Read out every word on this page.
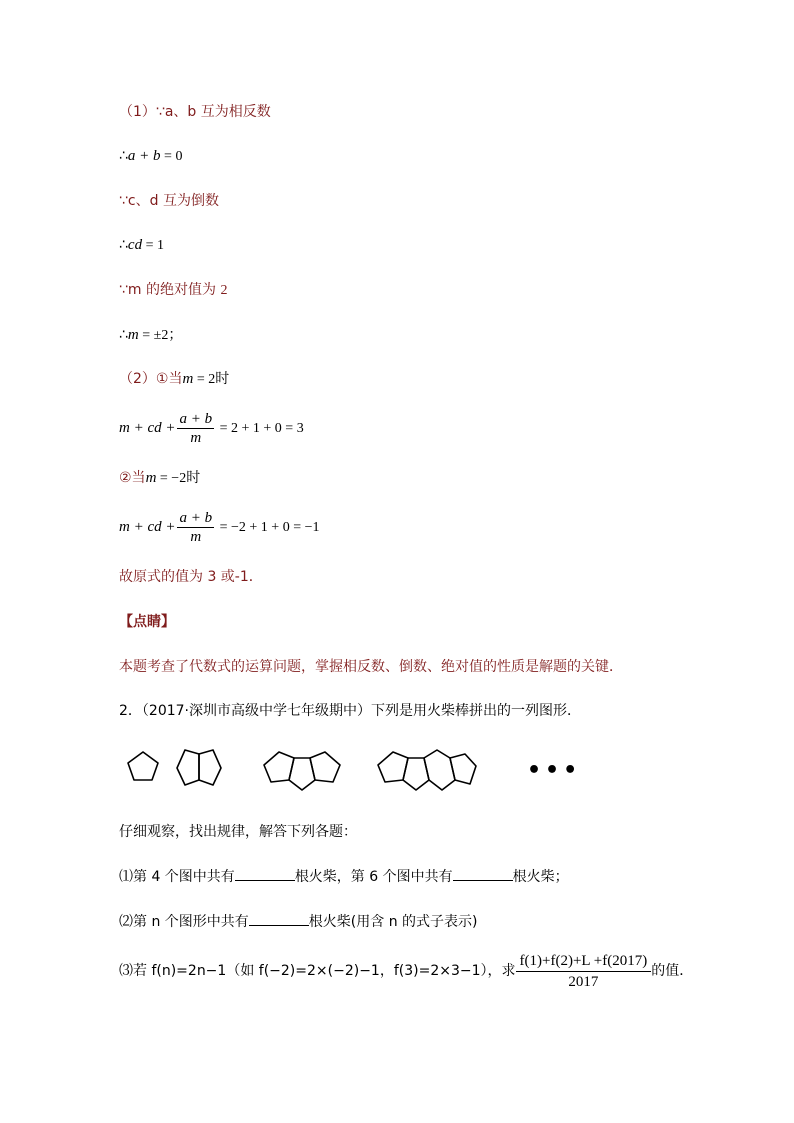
（1）∵a、b 互为相反数
∴a + b = 0
∵c、d 互为倒数
∴cd = 1
∵m 的绝对值为 2
∴m = ±2；
（2）①当m = 2时
m + cd + $\frac{a + b}{m} = 2 + 1 + 0 = 3$
②当m = −2时
m + cd + $\frac{a + b}{m} = -2 + 1 + 0 = -1$
故原式的值为 3 或-1．
【点睛】
本题考查了代数式的运算问题，掌握相反数、倒数、绝对值的性质是解题的关键．
2．（2017·深圳市高级中学七年级期中）下列是用火柴棒拼出的一列图形．
•••
仔细观察，找出规律，解答下列各题：
⑴第 4 个图中共有	根火柴，第 6 个图中共有	根火柴；
⑵第 n 个图形中共有	根火柴(用含 n 的式子表示)
⑶若 f(n)=2n−1（如 f(−2)=2×(−2)−1，f(3)=2×3−1），求 $\frac{f(1)+f(2)+L +f(2017)}{2017}$ 的值．
